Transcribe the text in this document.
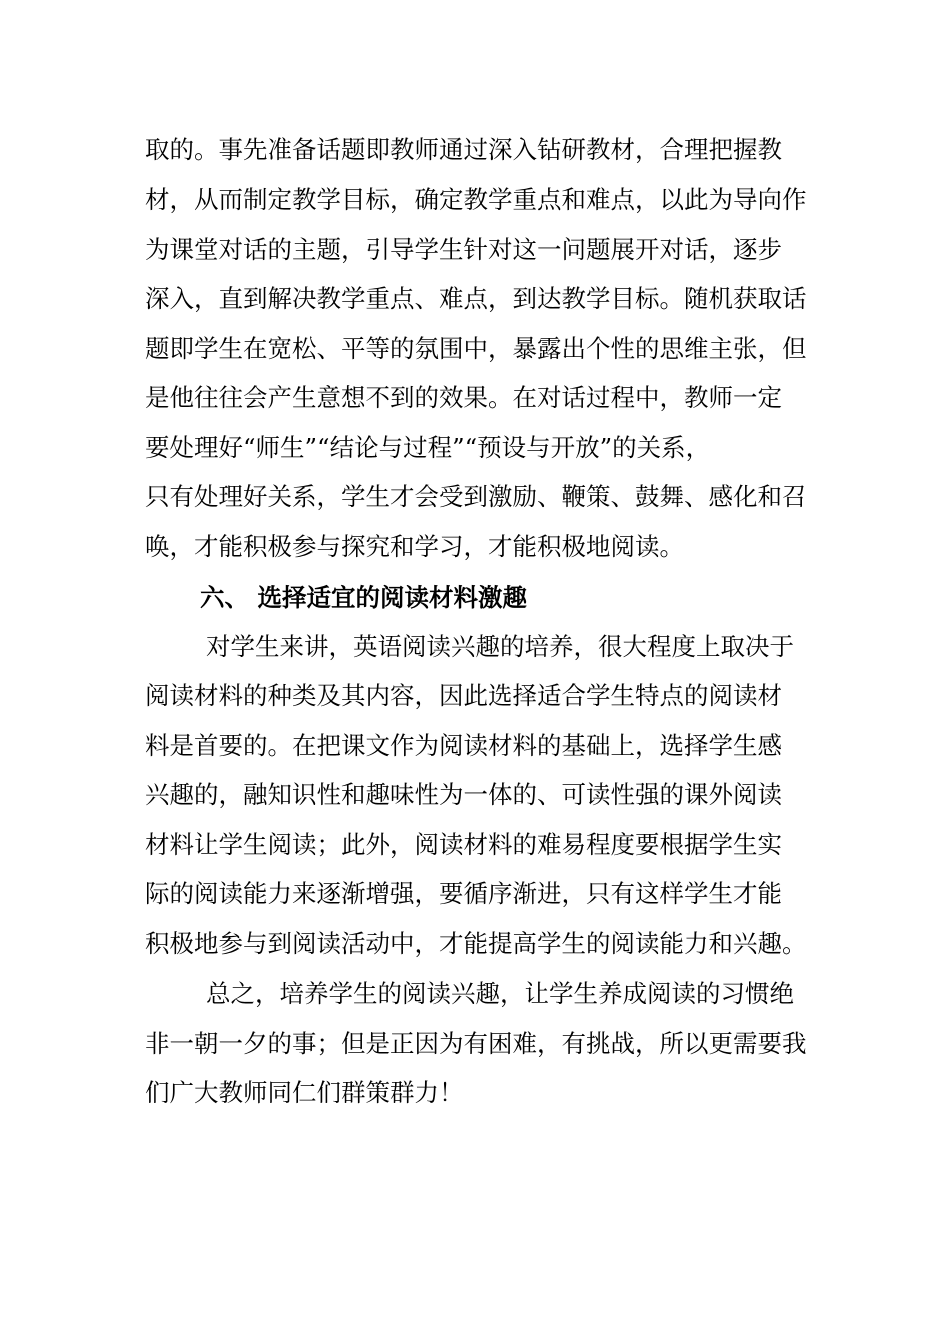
取的。事先准备话题即教师通过深入钻研教材，合理把握教
材，从而制定教学目标，确定教学重点和难点，以此为导向作
为课堂对话的主题，引导学生针对这一问题展开对话，逐步
深入，直到解决教学重点、难点，到达教学目标。随机获取话
题即学生在宽松、平等的氛围中，暴露出个性的思维主张，但
是他往往会产生意想不到的效果。在对话过程中，教师一定
要处理好“师生”“结论与过程”“预设与开放”的关系，
只有处理好关系，学生才会受到激励、鞭策、鼓舞、感化和召
唤，才能积极参与探究和学习，才能积极地阅读。
六、 选择适宜的阅读材料激趣
对学生来讲，英语阅读兴趣的培养，很大程度上取决于
阅读材料的种类及其内容，因此选择适合学生特点的阅读材
料是首要的。在把课文作为阅读材料的基础上，选择学生感
兴趣的，融知识性和趣味性为一体的、可读性强的课外阅读
材料让学生阅读；此外，阅读材料的难易程度要根据学生实
际的阅读能力来逐渐增强，要循序渐进，只有这样学生才能
积极地参与到阅读活动中，才能提高学生的阅读能力和兴趣。
总之，培养学生的阅读兴趣，让学生养成阅读的习惯绝
非一朝一夕的事；但是正因为有困难，有挑战，所以更需要我
们广大教师同仁们群策群力！
